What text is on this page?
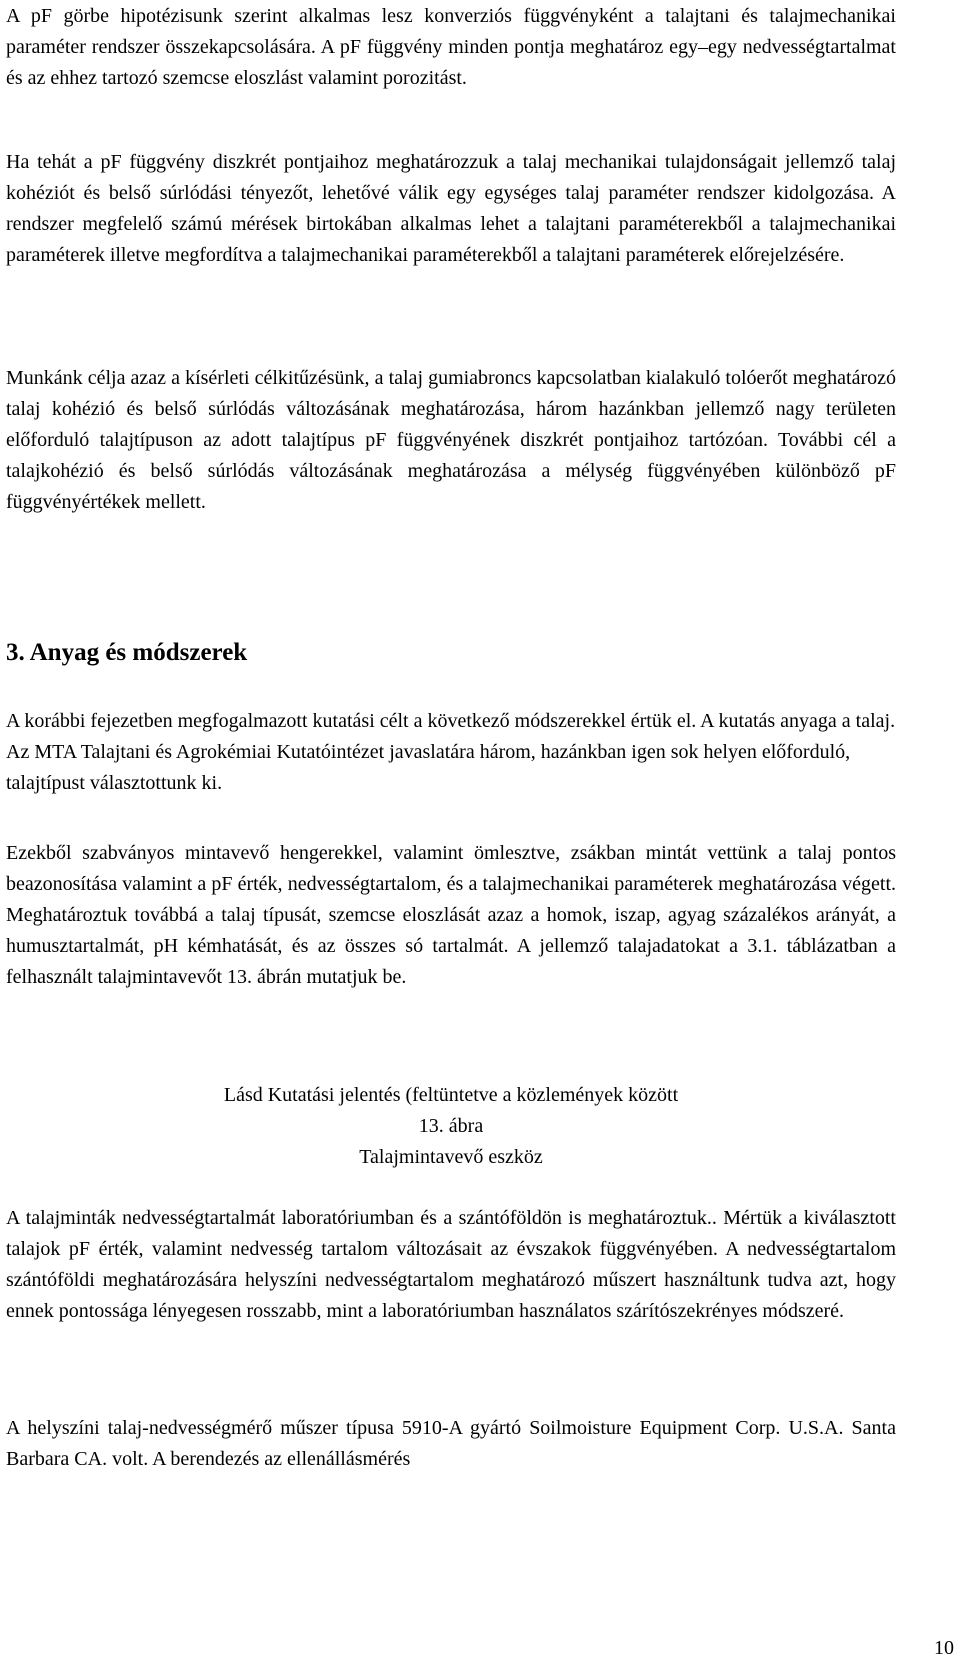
A pF görbe hipotézisunk szerint alkalmas lesz konverziós függvényként a talajtani és talajmechanikai paraméter rendszer összekapcsolására. A pF függvény minden pontja meghatároz egy–egy nedvességtartalmat és az ehhez tartozó szemcse eloszlást valamint porozitást.

Ha tehát a pF függvény diszkrét pontjaihoz meghatározzuk a talaj mechanikai tulajdonságait jellemző talaj kohéziót és belső súrlódási tényezőt, lehetővé válik egy egységes talaj paraméter rendszer kidolgozása. A rendszer megfelelő számú mérések birtokában alkalmas lehet a talajtani paraméterekből a talajmechanikai paraméterek illetve megfordítva a talajmechanikai paraméterekből a talajtani paraméterek előrejelzésére.

Munkánk célja azaz a kísérleti célkitűzésünk, a talaj gumiabroncs kapcsolatban kialakuló tolóerőt meghatározó talaj kohézió és belső súrlódás változásának meghatározása, három hazánkban jellemző nagy területen előforduló talajtípuson az adott talajtípus pF függvényének diszkrét pontjaihoz tartózóan. További cél a talajkohézió és belső súrlódás változásának meghatározása a mélység függvényében különböző pF függvényértékek mellett.

3. Anyag és módszerek

A korábbi fejezetben megfogalmazott kutatási célt a következő módszerekkel értük el. A kutatás anyaga a talaj. Az MTA Talajtani és Agrokémiai Kutatóintézet javaslatára három, hazánkban igen sok helyen előforduló, talajtípust választottunk ki.

Ezekből szabványos mintavevő hengerekkel, valamint ömlesztve, zsákban mintát vettünk a talaj pontos beazonosítása valamint a pF érték, nedvességtartalom, és a talajmechanikai paraméterek meghatározása végett. Meghatároztuk továbbá a talaj típusát, szemcse eloszlását azaz a homok, iszap, agyag százalékos arányát, a humusztartalmát, pH kémhatását, és az összes só tartalmát. A jellemző talajadatokat a 3.1. táblázatban a felhasznált talajmintavevőt 13. ábrán mutatjuk be.

Lásd Kutatási jelentés (feltüntetve a közlemények között

13. ábra

Talajmintavevő eszköz

A talajminták nedvességtartalmát laboratóriumban és a szántóföldön is meghatároztuk.. Mértük a kiválasztott talajok pF érték, valamint nedvesség tartalom változásait az évszakok függvényében. A nedvességtartalom szántóföldi meghatározására helyszíni nedvességtartalom meghatározó műszert használtunk tudva azt, hogy ennek pontossága lényegesen rosszabb, mint a laboratóriumban használatos szárítószekrényes módszeré.

A helyszíni talaj-nedvességmérő műszer típusa 5910-A gyártó Soilmoisture Equipment Corp. U.S.A. Santa Barbara CA. volt. A berendezés az ellenállásmérés

10
